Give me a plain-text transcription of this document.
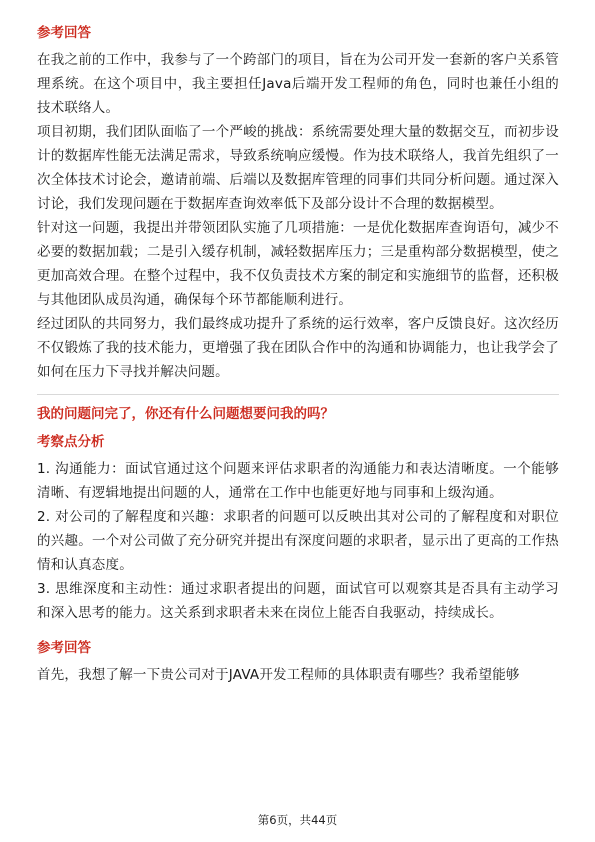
参考回答

在我之前的工作中，我参与了一个跨部门的项目，旨在为公司开发一套新的客户关系管理系统。在这个项目中，我主要担任Java后端开发工程师的角色，同时也兼任小组的技术联络人。

项目初期，我们团队面临了一个严峻的挑战：系统需要处理大量的数据交互，而初步设计的数据库性能无法满足需求，导致系统响应缓慢。作为技术联络人，我首先组织了一次全体技术讨论会，邀请前端、后端以及数据库管理的同事们共同分析问题。通过深入讨论，我们发现问题在于数据库查询效率低下及部分设计不合理的数据模型。

针对这一问题，我提出并带领团队实施了几项措施：一是优化数据库查询语句，减少不必要的数据加载；二是引入缓存机制，减轻数据库压力；三是重构部分数据模型，使之更加高效合理。在整个过程中，我不仅负责技术方案的制定和实施细节的监督，还积极与其他团队成员沟通，确保每个环节都能顺利进行。

经过团队的共同努力，我们最终成功提升了系统的运行效率，客户反馈良好。这次经历不仅锻炼了我的技术能力，更增强了我在团队合作中的沟通和协调能力，也让我学会了如何在压力下寻找并解决问题。

我的问题问完了，你还有什么问题想要问我的吗？
考察点分析

1. 沟通能力：面试官通过这个问题来评估求职者的沟通能力和表达清晰度。一个能够清晰、有逻辑地提出问题的人，通常在工作中也能更好地与同事和上级沟通。

2. 对公司的了解程度和兴趣：求职者的问题可以反映出其对公司的了解程度和对职位的兴趣。一个对公司做了充分研究并提出有深度问题的求职者，显示出了更高的工作热情和认真态度。

3. 思维深度和主动性：通过求职者提出的问题，面试官可以观察其是否具有主动学习和深入思考的能力。这关系到求职者未来在岗位上能否自我驱动，持续成长。

参考回答

首先，我想了解一下贵公司对于JAVA开发工程师的具体职责有哪些？我希望能够

第6页，共44页
